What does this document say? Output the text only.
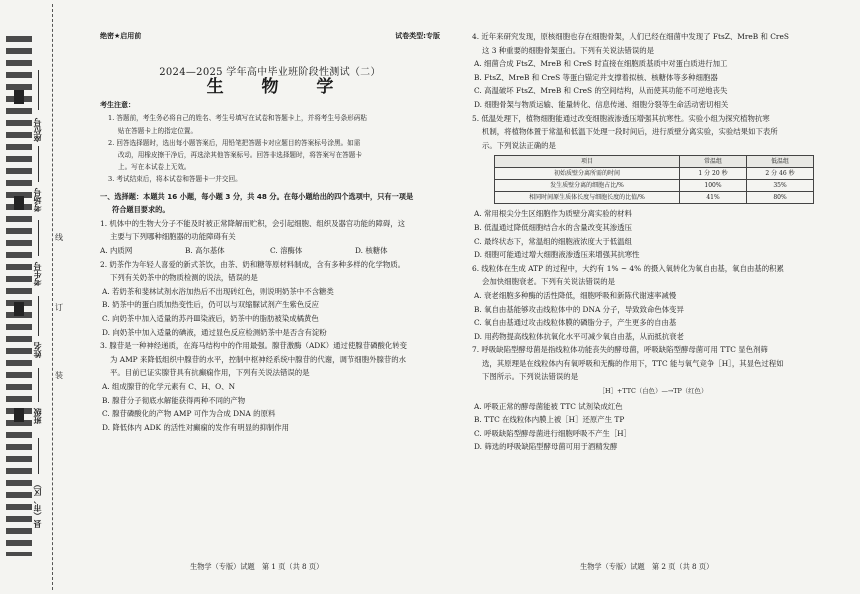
座位号
考场号
考生号
姓名
班级
县（市、区）
线
订
装
绝密★启用前	试卷类型:专版
2024—2025 学年高中毕业班阶段性测试（二）
生 物 学
考生注意：
1. 答题前，考生务必将自己的姓名、考生号填写在试卷和答题卡上，并将考生号条形码粘
贴在答题卡上的指定位置。
2. 回答选择题时，选出每小题答案后，用铅笔把答题卡对应题目的答案标号涂黑。如需
改动，用橡皮擦干净后，再选涂其他答案标号。回答非选择题时，将答案写在答题卡
上。写在本试卷上无效。
3. 考试结束后，将本试卷和答题卡一并交回。
一、选择题：本题共 16 小题，每小题 3 分，共 48 分。在每小题给出的四个选项中，只有一项是
符合题目要求的。
1. 机体中的生物大分子不能及时被正常降解而贮积，会引起细胞、组织及器官功能的障碍，这
主要与下列哪种细胞器的功能障碍有关
A. 内质网	B. 高尔基体	C. 溶酶体	D. 核糖体
2. 奶茶作为年轻人喜爱的新式茶饮，由茶、奶和糖等原材料制成，含有多种多样的化学物质。
下列有关奶茶中的物质检测的说法，错误的是
A. 若奶茶和斐林试剂水浴加热后不出现砖红色，则说明奶茶中不含糖类
B. 奶茶中的蛋白质加热变性后，仍可以与双缩脲试剂产生紫色反应
C. 向奶茶中加入适量的苏丹Ⅲ染液后，奶茶中的脂肪被染成橘黄色
D. 向奶茶中加入适量的碘液，通过显色反应检测奶茶中是否含有淀粉
3. 腺苷是一种神经递质，在海马结构中的作用最强。腺苷激酶（ADK）通过使腺苷磷酸化转变
为 AMP 来降低组织中腺苷的水平，控制中枢神经系统中腺苷的代谢，调节细胞外腺苷的水
平。目前已证实腺苷具有抗癫痫作用，下列有关说法错误的是
A. 组成腺苷的化学元素有 C、H、O、N
B. 腺苷分子彻底水解能获得两种不同的产物
C. 腺苷磷酸化的产物 AMP 可作为合成 DNA 的原料
D. 降低体内 ADK 的活性对癫痫的发作有明显的抑制作用
生物学（专版）试题　第 1 页（共 8 页）
4. 近年来研究发现，原核细胞也存在细胞骨架，人们已经在细菌中发现了 FtsZ、MreB 和 CreS
这 3 种重要的细胞骨架蛋白。下列有关说法错误的是
A. 细菌合成 FtsZ、MreB 和 CreS 时直接在细胞质基质中对蛋白质进行加工
B. FtsZ、MreB 和 CreS 等蛋白锚定并支撑着拟核、核糖体等多种细胞器
C. 高温破坏 FtsZ、MreB 和 CreS 的空间结构，从而使其功能不可逆地丧失
D. 细胞骨架与物质运输、能量转化、信息传递、细胞分裂等生命活动密切相关
5. 低温处理下，植物细胞能通过改变细胞液渗透压增强其抗寒性。实验小组为探究植物抗寒
机制，将植物体置于常温和低温下处理一段时间后，进行质壁分离实验，实验结果如下表所
示。下列说法正确的是
项目	常温组	低温组
初始质壁分离所需的时间	1 分 20 秒	2 分 46 秒
发生质壁分离的细胞占比/%	100%	35%
相同时间原生质体长度与细胞长度的比值/%	41%	80%
A. 常用根尖分生区细胞作为质壁分离实验的材料
B. 低温通过降低细胞结合水的含量改变其渗透压
C. 最终状态下，常温组的细胞液浓度大于低温组
D. 细胞可能通过增大细胞液渗透压来增强其抗寒性
6. 线粒体在生成 ATP 的过程中，大约有 1% ~ 4% 的摄入氧转化为氧自由基，氧自由基的积累
会加快细胞衰老。下列有关说法错误的是
A. 衰老细胞多种酶的活性降低，细胞呼吸和新陈代谢速率减慢
B. 氧自由基能够攻击线粒体中的 DNA 分子，导致致命色体变异
C. 氧自由基通过攻击线粒体膜的磷脂分子，产生更多的自由基
D. 用药物提高线粒体抗氧化水平可减少氧自由基，从而抵抗衰老
7. 呼吸缺陷型酵母菌是指线粒体功能丧失的酵母菌，呼吸缺陷型酵母菌可用 TTC 显色剂筛
选，其原理是在线粒体内有氧呼吸和无酶的作用下，TTC 能与氧气竞争［H］，其显色过程如
下图所示。下列说法错误的是
［H］+TTC（白色）—→TP（红色）
A. 呼吸正常的酵母菌能被 TTC 试剂染成红色
B. TTC 在线粒体内膜上被［H］还原产生 TP
C. 呼吸缺陷型酵母菌进行细胞呼吸不产生［H］
D. 筛选的呼吸缺陷型酵母菌可用于酒精发酵
生物学（专版）试题　第 2 页（共 8 页）
